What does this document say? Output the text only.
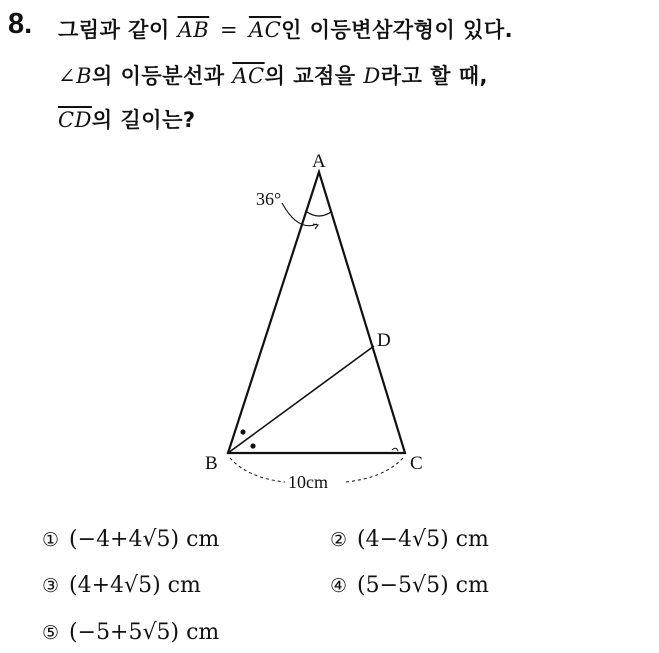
8. 그림과 같이 $\overline{AB} = \overline{AC}$인 이등변삼각형이 있다.
∠B의 이등분선과 $\overline{AC}$의 교점을 D라고 할 때,
$\overline{CD}$의 길이는?
A
B	C
D
36°
10cm
① (−4+4√5) cm	② (4−4√5) cm
③ (4+4√5) cm	④ (5−5√5) cm
⑤ (−5+5√5) cm
